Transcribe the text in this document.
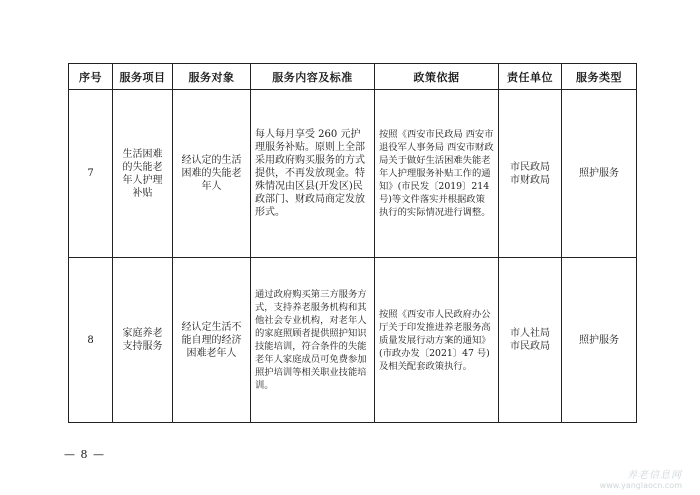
序号	服务项目	服务对象	服务内容及标准	政策依据	责任单位	服务类型
7	生活困难
的失能老
年人护理
补贴	经认定的生活
困难的失能老
年人	每人每月享受 260 元护理服务补贴。原则上全部采用政府购买服务的方式提供，不再发放现金。特殊情况由区县(开发区)民政部门、财政局商定发放形式。	按照《西安市民政局 西安市退役军人事务局 西安市财政局关于做好生活困难失能老年人护理服务补贴工作的通知》(市民发〔2019〕214 号)等文件落实并根据政策执行的实际情况进行调整。	市民政局
市财政局	照护服务
8	家庭养老
支持服务	经认定生活不
能自理的经济
困难老年人	通过政府购买第三方服务方式，支持养老服务机构和其他社会专业机构，对老年人的家庭照顾者提供照护知识技能培训，符合条件的失能老年人家庭成员可免费参加照护培训等相关职业技能培训。	按照《西安市人民政府办公厅关于印发推进养老服务高质量发展行动方案的通知》(市政办发〔2021〕47 号)及相关配套政策执行。	市人社局
市民政局	照护服务
— 8 —
养老信息网
www.yanglaocn.com
